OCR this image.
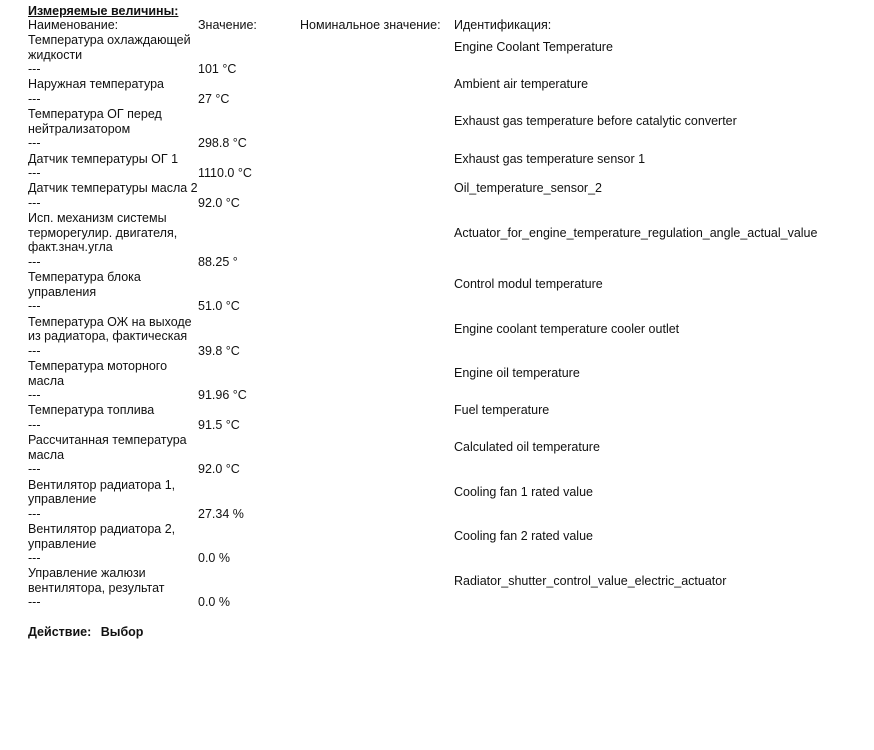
Измеряемые величины:
Наименование:	Значение:	Номинальное значение:	Идентификация:
Температура охлаждающей жидкости			Engine Coolant Temperature
---	101 °C		
Наружная температура			Ambient air temperature
---	27 °C		
Температура ОГ перед нейтрализатором			Exhaust gas temperature before catalytic converter
---	298.8 °C		
Датчик температуры ОГ 1			Exhaust gas temperature sensor 1
---	1110.0 °C		
Датчик температуры масла 2			Oil_temperature_sensor_2
---	92.0 °C		
Исп. механизм системы терморегулир. двигателя, факт.знач.угла			Actuator_for_engine_temperature_regulation_angle_actual_value
---	88.25 °		
Температура блока управления			Control modul temperature
---	51.0 °C		
Температура ОЖ на выходе из радиатора, фактическая			Engine coolant temperature cooler outlet
---	39.8 °C		
Температура моторного масла			Engine oil temperature
---	91.96 °C		
Температура топлива			Fuel temperature
---	91.5 °C		
Рассчитанная температура масла			Calculated oil temperature
---	92.0 °C		
Вентилятор радиатора 1, управление			Cooling fan 1 rated value
---	27.34 %		
Вентилятор радиатора 2, управление			Cooling fan 2 rated value
---	0.0 %		
Управление жалюзи вентилятора, результат			Radiator_shutter_control_value_electric_actuator
---	0.0 %		
Действие: Выбор
